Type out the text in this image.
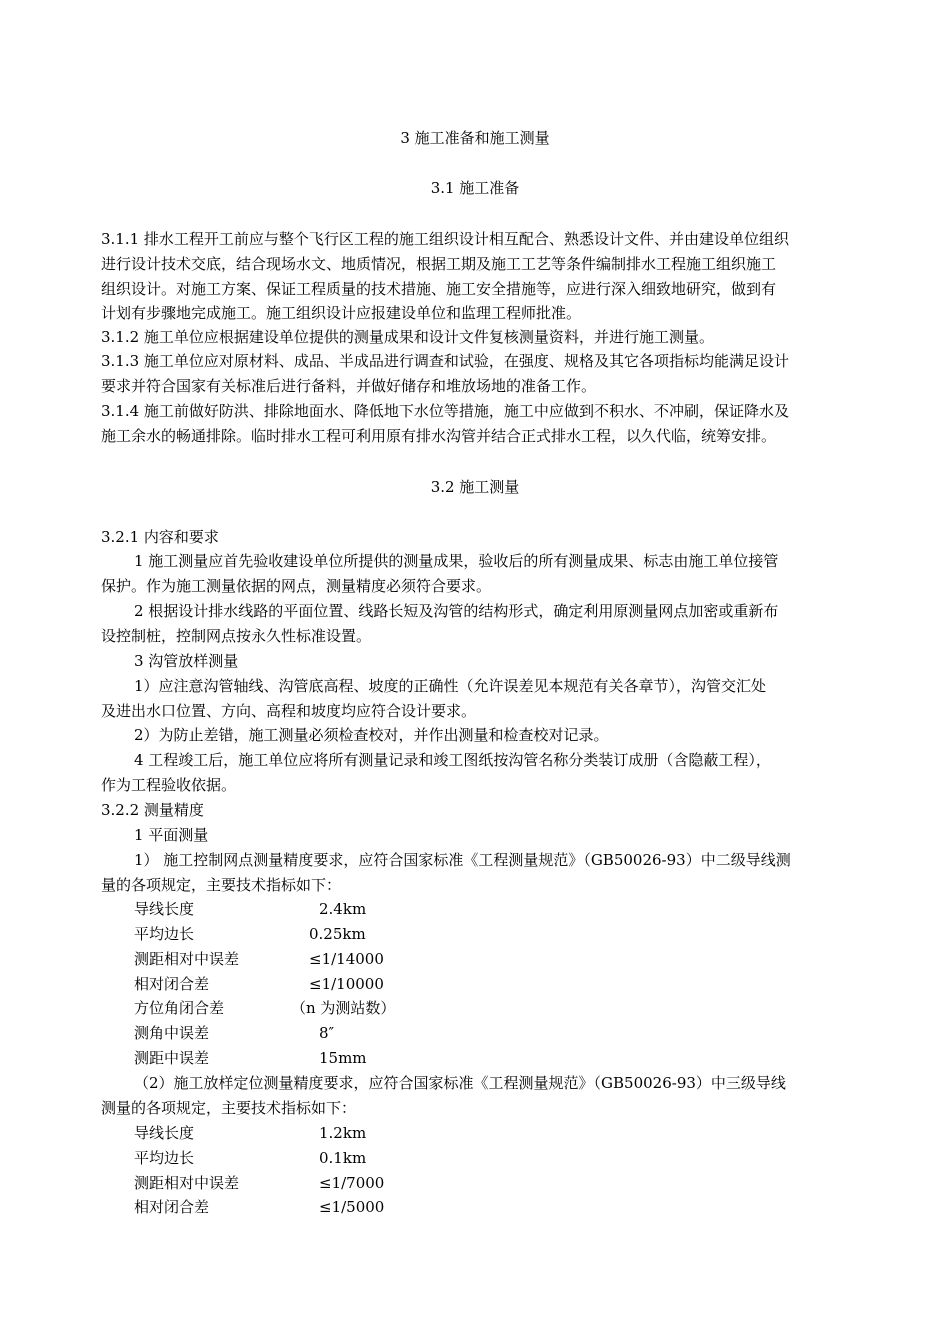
3 施工准备和施工测量
3.1 施工准备
3.1.1 排水工程开工前应与整个飞行区工程的施工组织设计相互配合、熟悉设计文件、并由建设单位组织
进行设计技术交底，结合现场水文、地质情况，根据工期及施工工艺等条件编制排水工程施工组织施工
组织设计。对施工方案、保证工程质量的技术措施、施工安全措施等，应进行深入细致地研究，做到有
计划有步骤地完成施工。施工组织设计应报建设单位和监理工程师批准。
3.1.2 施工单位应根据建设单位提供的测量成果和设计文件复核测量资料，并进行施工测量。
3.1.3 施工单位应对原材料、成品、半成品进行调查和试验，在强度、规格及其它各项指标均能满足设计
要求并符合国家有关标准后进行备料，并做好储存和堆放场地的准备工作。
3.1.4 施工前做好防洪、排除地面水、降低地下水位等措施，施工中应做到不积水、不冲刷，保证降水及
施工余水的畅通排除。临时排水工程可利用原有排水沟管并结合正式排水工程，以久代临，统筹安排。
3.2 施工测量
3.2.1 内容和要求
1 施工测量应首先验收建设单位所提供的测量成果，验收后的所有测量成果、标志由施工单位接管
保护。作为施工测量依据的网点，测量精度必须符合要求。
2 根据设计排水线路的平面位置、线路长短及沟管的结构形式，确定利用原测量网点加密或重新布
设控制桩，控制网点按永久性标准设置。
3 沟管放样测量
1）应注意沟管轴线、沟管底高程、坡度的正确性（允许误差见本规范有关各章节），沟管交汇处
及进出水口位置、方向、高程和坡度均应符合设计要求。
2）为防止差错，施工测量必须检查校对，并作出测量和检查校对记录。
4 工程竣工后，施工单位应将所有测量记录和竣工图纸按沟管名称分类装订成册（含隐蔽工程），
作为工程验收依据。
3.2.2 测量精度
1 平面测量
1） 施工控制网点测量精度要求，应符合国家标准《工程测量规范》（GB50026-93）中二级导线测
量的各项规定，主要技术指标如下：
导线长度	2.4km
平均边长	0.25km
测距相对中误差	≤1/14000
相对闭合差	≤1/10000
方位角闭合差	（n 为测站数）
测角中误差	8″
测距中误差	15mm
（2）施工放样定位测量精度要求，应符合国家标准《工程测量规范》（GB50026-93）中三级导线
测量的各项规定，主要技术指标如下：
导线长度	1.2km
平均边长	0.1km
测距相对中误差	≤1/7000
相对闭合差	≤1/5000
